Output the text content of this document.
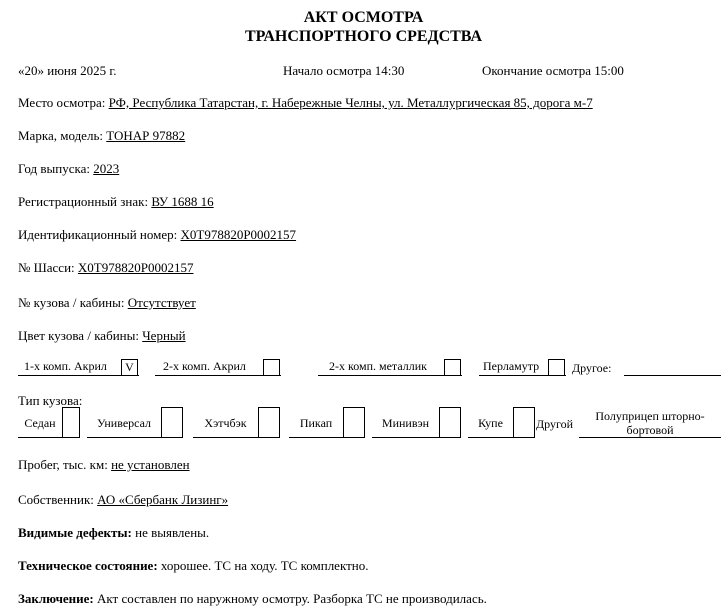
АКТ ОСМОТРА
ТРАНСПОРТНОГО СРЕДСТВА
«20» июня 2025 г.	Начало осмотра 14:30	Окончание осмотра 15:00
Место осмотра: РФ, Республика Татарстан, г. Набережные Челны, ул. Металлургическая 85, дорога м-7
Марка, модель: ТОНАР 97882
Год выпуска: 2023
Регистрационный знак: ВУ 1688 16
Идентификационный номер: Х0Т978820Р0002157
№ Шасси: Х0Т978820Р0002157
№ кузова / кабины: Отсутствует
Цвет кузова / кабины: Черный
1-х комп. Акрил	V	2-х комп. Акрил	2-х комп. металлик	Перламутр	Другое:
Тип кузова:
Седан	Универсал	Хэтчбэк	Пикап	Минивэн	Купе	Другой
Полуприцеп шторно-бортовой
Пробег, тыс. км: не установлен
Собственник: АО «Сбербанк Лизинг»
Видимые дефекты: не выявлены.
Техническое состояние: хорошее. ТС на ходу. ТС комплектно.
Заключение: Акт составлен по наружному осмотру. Разборка ТС не производилась.
